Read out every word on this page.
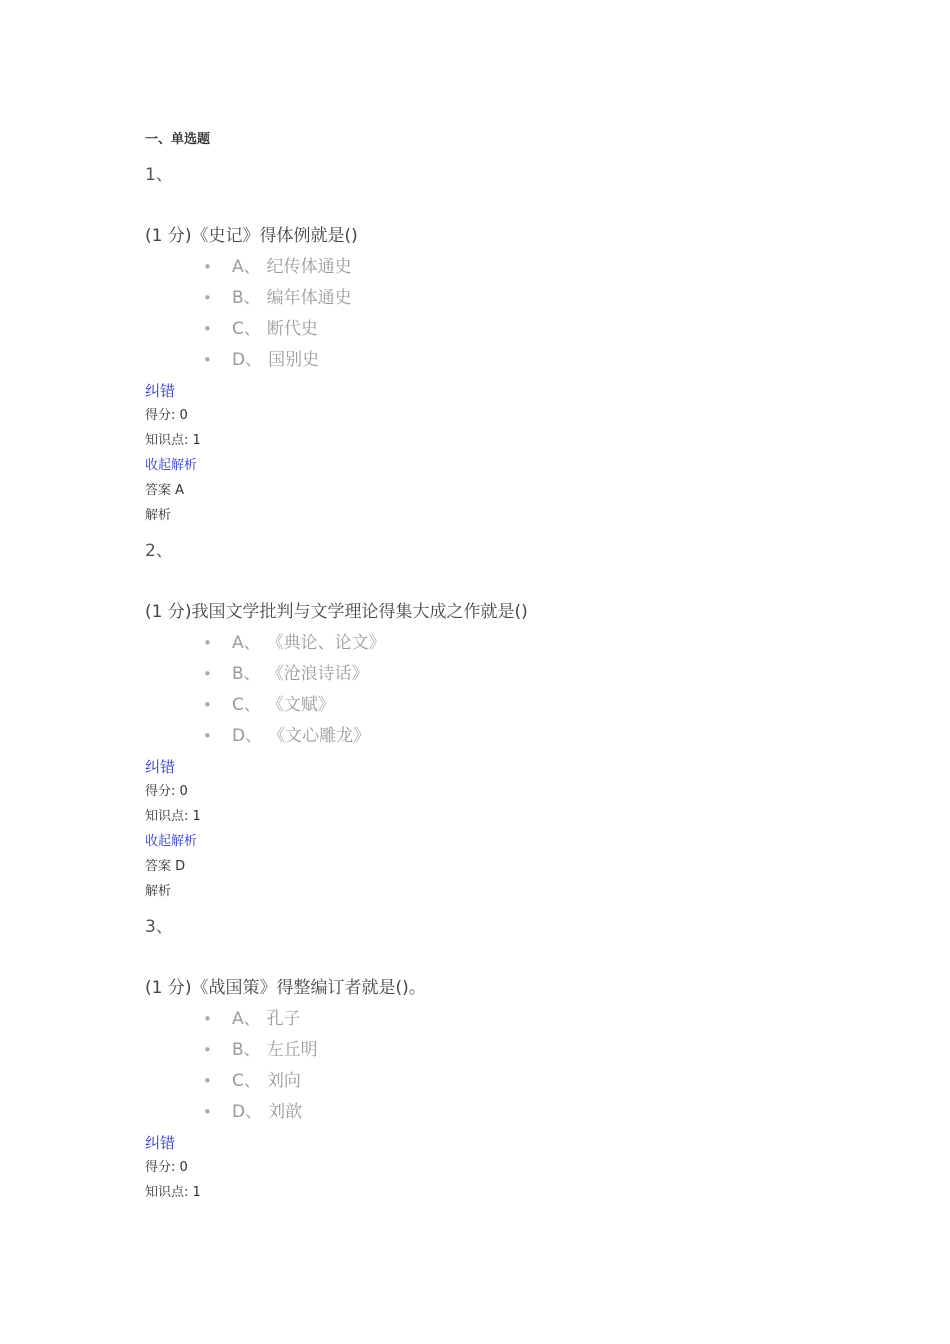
一、单选题
1、
(1 分)《史记》得体例就是()
• A、 纪传体通史
• B、 编年体通史
• C、 断代史
• D、 国别史
纠错
得分: 0
知识点: 1
收起解析
答案 A
解析
2、
(1 分)我国文学批判与文学理论得集大成之作就是()
• A、 《典论、论文》
• B、 《沧浪诗话》
• C、 《文赋》
• D、 《文心雕龙》
纠错
得分: 0
知识点: 1
收起解析
答案 D
解析
3、
(1 分)《战国策》得整编订者就是()。
• A、 孔子
• B、 左丘明
• C、 刘向
• D、 刘歆
纠错
得分: 0
知识点: 1
